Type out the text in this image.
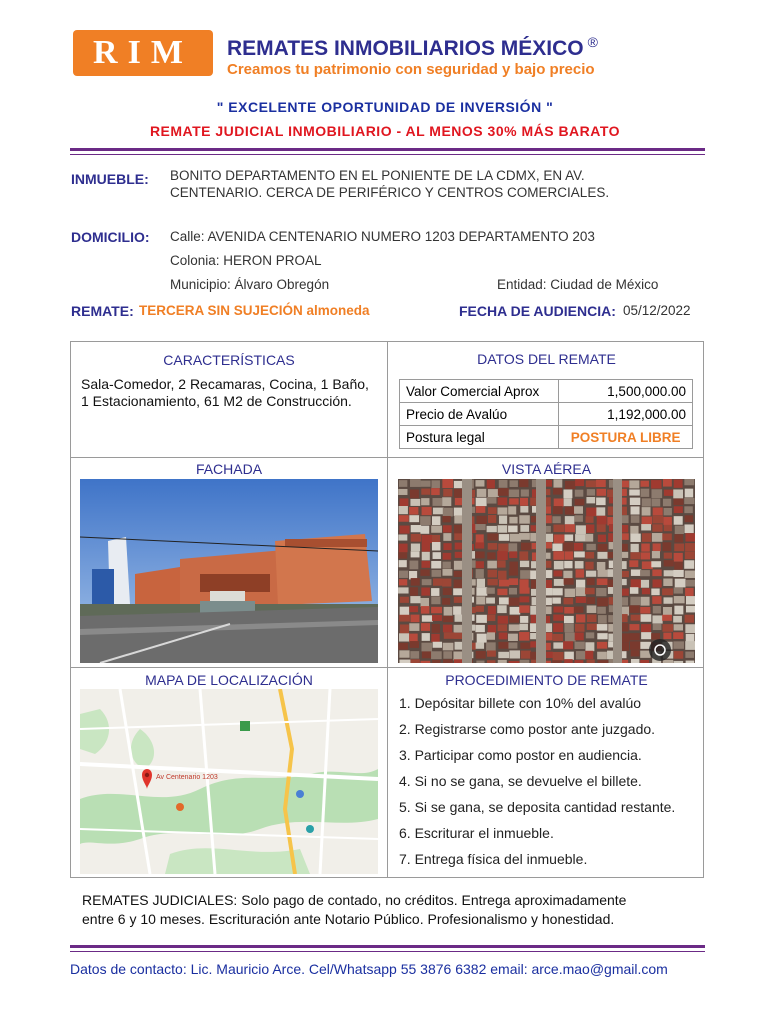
RIM	REMATES INMOBILIARIOS MÉXICO ®
Creamos tu patrimonio con seguridad y bajo precio
" EXCELENTE OPORTUNIDAD DE INVERSIÓN "
REMATE JUDICIAL INMOBILIARIO - AL MENOS 30% MÁS BARATO
INMUEBLE: BONITO DEPARTAMENTO EN EL PONIENTE DE LA CDMX, EN AV.
CENTENARIO. CERCA DE PERIFÉRICO Y CENTROS COMERCIALES.
DOMICILIO: Calle: AVENIDA CENTENARIO NUMERO 1203 DEPARTAMENTO 203
Colonia: HERON PROAL
Municipio: Álvaro Obregón	Entidad: Ciudad de México
REMATE: TERCERA SIN SUJECIÓN almoneda	FECHA DE AUDIENCIA: 05/12/2022
CARACTERÍSTICAS
Sala-Comedor, 2 Recamaras, Cocina, 1 Baño, 1 Estacionamiento, 61 M2 de Construcción.
DATOS DEL REMATE
Valor Comercial Aprox	1,500,000.00
Precio de Avalúo	1,192,000.00
Postura legal	POSTURA LIBRE
FACHADA	VISTA AÉREA
MAPA DE LOCALIZACIÓN
Av Centenario 1203
PROCEDIMIENTO DE REMATE
1. Depósitar billete con 10% del avalúo
2. Registrarse como postor ante juzgado.
3. Participar como postor en audiencia.
4. Si no se gana, se devuelve el billete.
5. Si se gana, se deposita cantidad restante.
6. Escriturar el inmueble.
7. Entrega física del inmueble.
REMATES JUDICIALES: Solo pago de contado, no créditos. Entrega aproximadamente
entre 6 y 10 meses. Escrituración ante Notario Público. Profesionalismo y honestidad.
Datos de contacto: Lic. Mauricio Arce. Cel/Whatsapp 55 3876 6382 email: arce.mao@gmail.com
